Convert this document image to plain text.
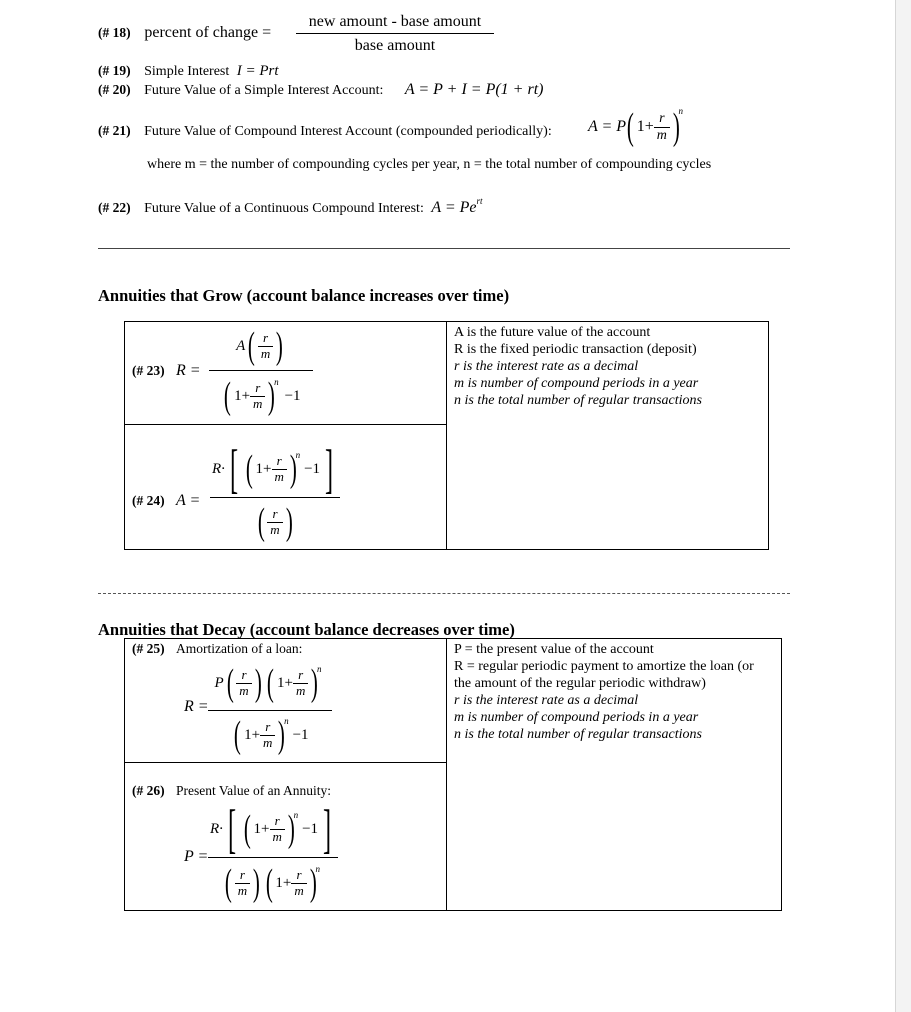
(# 18) percent of change =
new amount - base amount
base amount
(# 19) Simple Interest I = Prt
(# 20) Future Value of a Simple Interest Account: A = P + I = P(1 + rt)
(# 21) Future Value of Compound Interest Account (compounded periodically): A = P ( $1+ \frac{r}{m}$ )
n
where m = the number of compounding cycles per year, n = the total number of compounding cycles
(# 22) Future Value of a Continuous Compound Interest: $A = Pe^{rt}$
Annuities that Grow (account balance increases over time)
(# 23) R = A ( $\frac{r}{m}$ )
( $1+ \frac{r}{m}$ )
n
−1
(# 24) A = R· [ ( $1+ \frac{r}{m}$ )
n
−1 ]
( $\frac{r}{m}$ )
A is the future value of the account
R is the fixed periodic transaction (deposit)
r is the interest rate as a decimal
m is number of compound periods in a year
n is the total number of regular transactions
Annuities that Decay (account balance decreases over time)
(# 25) Amortization of a loan:
R = P ( $\frac{r}{m}$ ) ( $1+ \frac{r}{m}$ )
n
( $1+ \frac{r}{m}$ )
n
−1
(# 26) Present Value of an Annuity:
P = R· [ ( $1+ \frac{r}{m}$ )
n
−1 ]
( $\frac{r}{m}$ ) ( $1+ \frac{r}{m}$ )
n
P = the present value of the account
R = regular periodic payment to amortize the loan (or
the amount of the regular periodic withdraw)
r is the interest rate as a decimal
m is number of compound periods in a year
n is the total number of regular transactions
